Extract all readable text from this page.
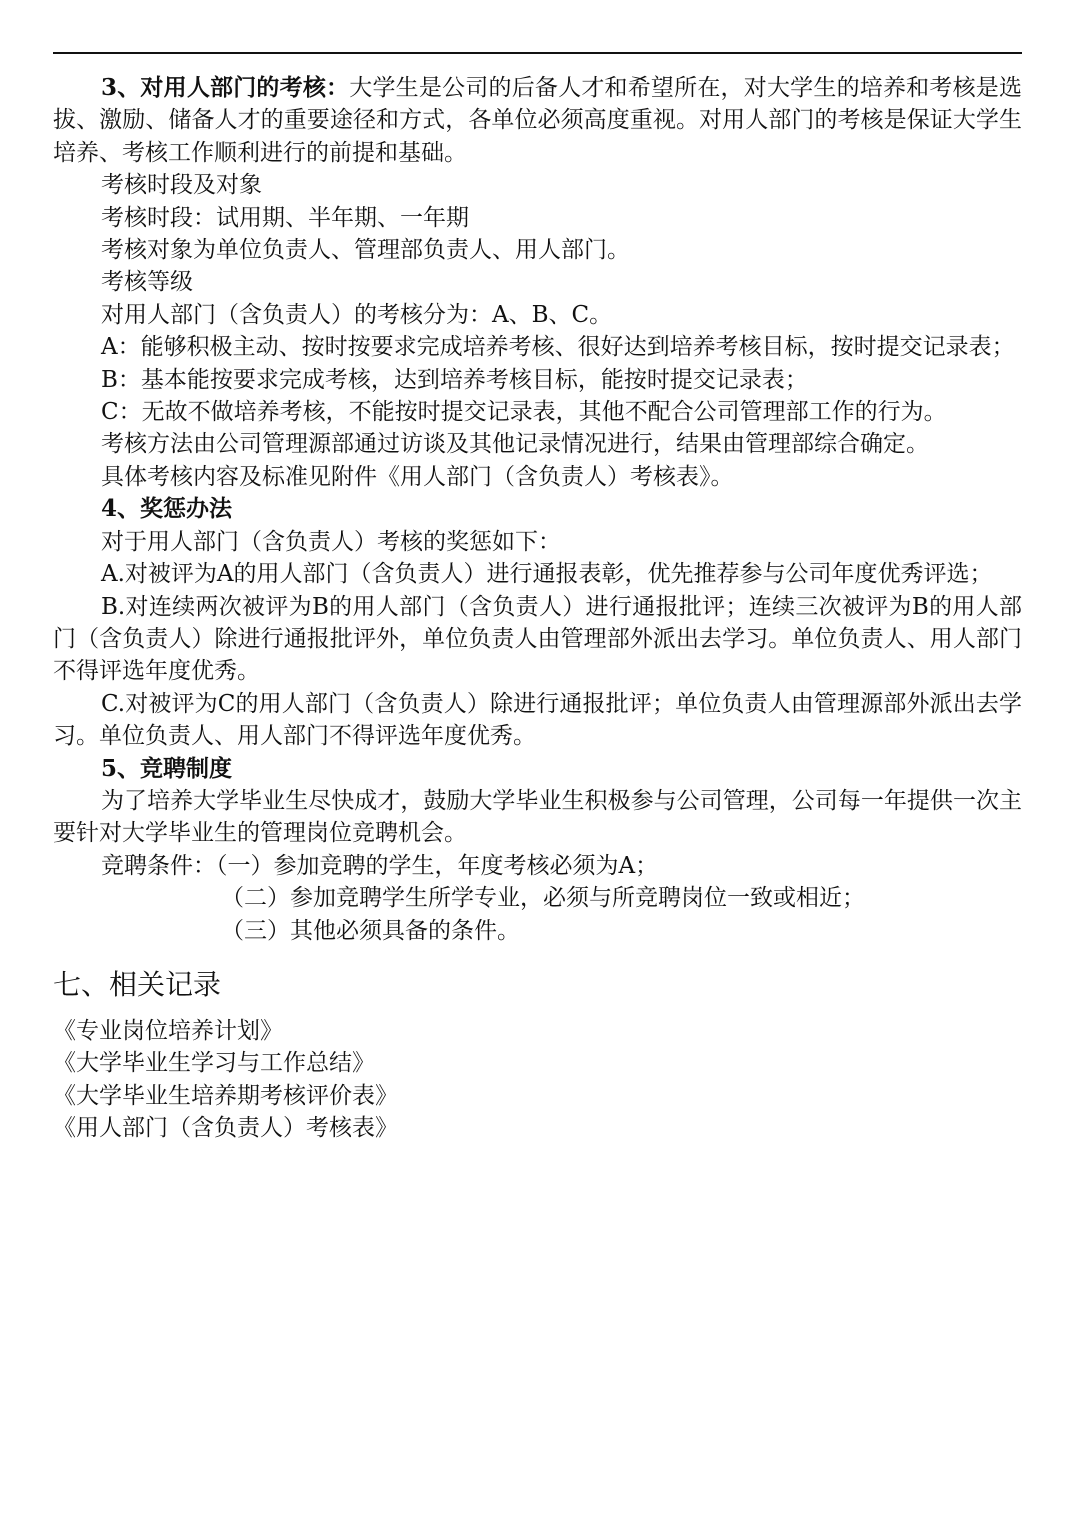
3、对用人部门的考核：大学生是公司的后备人才和希望所在，对大学生的培养和考核是选拔、激励、储备人才的重要途径和方式，各单位必须高度重视。对用人部门的考核是保证大学生培养、考核工作顺利进行的前提和基础。

考核时段及对象

考核时段：试用期、半年期、一年期

考核对象为单位负责人、管理部负责人、用人部门。

考核等级

对用人部门（含负责人）的考核分为：A、B、C。

A：能够积极主动、按时按要求完成培养考核、很好达到培养考核目标，按时提交记录表；

B：基本能按要求完成考核，达到培养考核目标，能按时提交记录表；

C：无故不做培养考核，不能按时提交记录表，其他不配合公司管理部工作的行为。

考核方法由公司管理源部通过访谈及其他记录情况进行，结果由管理部综合确定。

具体考核内容及标准见附件《用人部门（含负责人）考核表》。

4、奖惩办法

对于用人部门（含负责人）考核的奖惩如下：

A.对被评为A的用人部门（含负责人）进行通报表彰，优先推荐参与公司年度优秀评选；

B.对连续两次被评为B的用人部门（含负责人）进行通报批评；连续三次被评为B的用人部门（含负责人）除进行通报批评外，单位负责人由管理部外派出去学习。单位负责人、用人部门不得评选年度优秀。

C.对被评为C的用人部门（含负责人）除进行通报批评；单位负责人由管理源部外派出去学习。单位负责人、用人部门不得评选年度优秀。

5、竞聘制度

为了培养大学毕业生尽快成才，鼓励大学毕业生积极参与公司管理，公司每一年提供一次主要针对大学毕业生的管理岗位竞聘机会。

竞聘条件：（一）参加竞聘的学生，年度考核必须为A；

（二）参加竞聘学生所学专业，必须与所竞聘岗位一致或相近；

（三）其他必须具备的条件。

七、相关记录

《专业岗位培养计划》

《大学毕业生学习与工作总结》

《大学毕业生培养期考核评价表》

《用人部门（含负责人）考核表》
